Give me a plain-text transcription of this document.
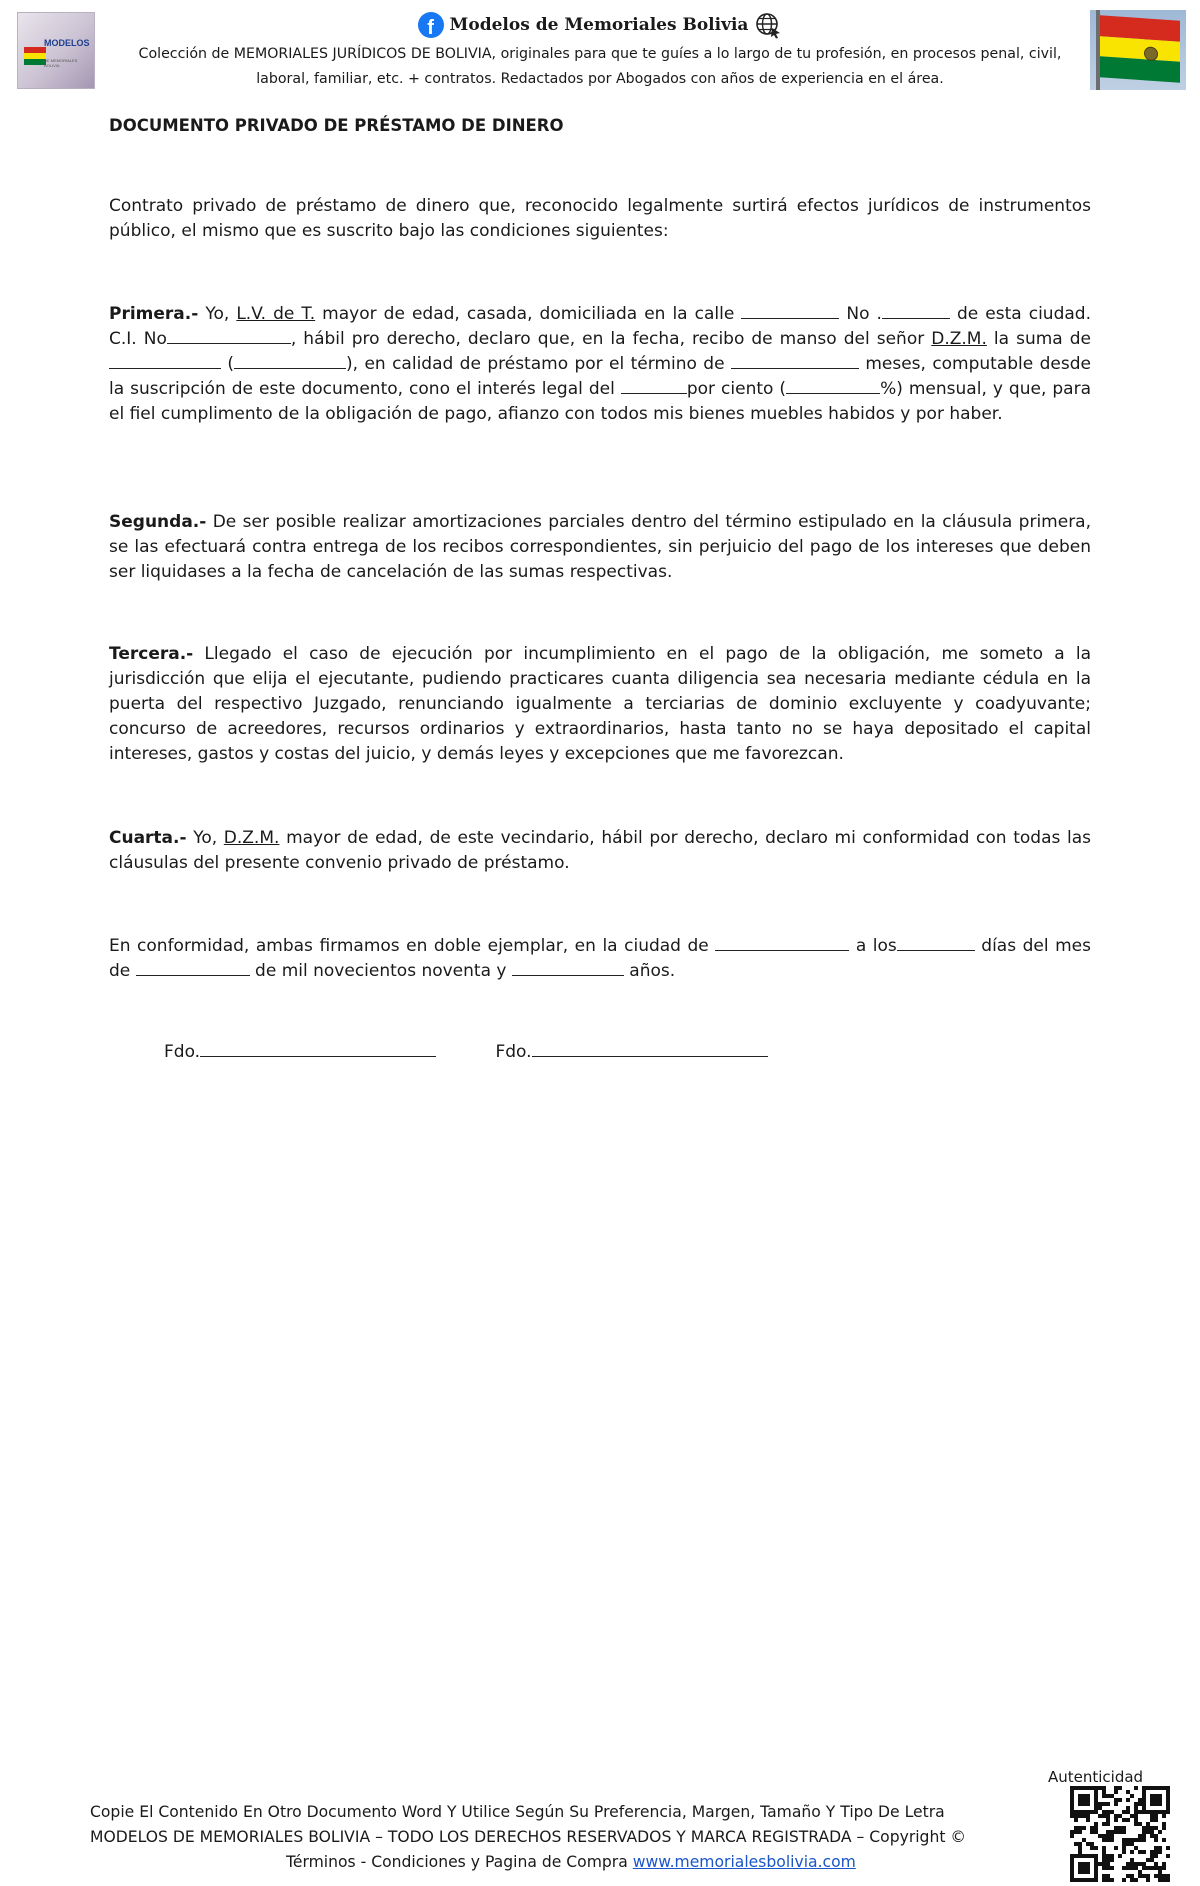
MODELOS
DE MEMORIALES BOLIVIA
f Modelos de Memoriales Bolivia
Colección de MEMORIALES JURÍDICOS DE BOLIVIA, originales para que te guíes a lo largo de tu profesión, en procesos penal, civil, laboral, familiar, etc. + contratos. Redactados por Abogados con años de experiencia en el área.

DOCUMENTO PRIVADO DE PRÉSTAMO DE DINERO

Contrato privado de préstamo de dinero que, reconocido legalmente surtirá efectos jurídicos de instrumentos público, el mismo que es suscrito bajo las condiciones siguientes:

Primera.- Yo, L.V. de T. mayor de edad, casada, domiciliada en la calle	No .	de esta ciudad. C.I. No	, hábil pro derecho, declaro que, en la fecha, recibo de manso del señor D.Z.M. la suma de  (	), en calidad de préstamo por el término de	meses, computable desde la suscripción de este documento, cono el interés legal del	por ciento (	%) mensual, y que, para el fiel cumplimento de la obligación de pago, afianzo con todos mis bienes muebles habidos y por haber.

Segunda.- De ser posible realizar amortizaciones parciales dentro del término estipulado en la cláusula primera, se las efectuará contra entrega de los recibos correspondientes, sin perjuicio del pago de los intereses que deben ser liquidases a la fecha de cancelación de las sumas respectivas.

Tercera.- Llegado el caso de ejecución por incumplimiento en el pago de la obligación, me someto a la jurisdicción que elija el ejecutante, pudiendo practicares cuanta diligencia sea necesaria mediante cédula en la puerta del respectivo Juzgado, renunciando igualmente a terciarias de dominio excluyente y coadyuvante; concurso de acreedores, recursos ordinarios y extraordinarios, hasta tanto no se haya depositado el capital intereses, gastos y costas del juicio, y demás leyes y excepciones que me favorezcan.

Cuarta.- Yo, D.Z.M. mayor de edad, de este vecindario, hábil por derecho, declaro mi conformidad con todas las cláusulas del presente convenio privado de préstamo.

En conformidad, ambas firmamos en doble ejemplar, en la ciudad de	a los	días del mes de	de mil novecientos noventa y	años.

Fdo.	Fdo.
Copie El Contenido En Otro Documento Word Y Utilice Según Su Preferencia, Margen, Tamaño Y Tipo De Letra
MODELOS DE MEMORIALES BOLIVIA – TODO LOS DERECHOS RESERVADOS Y MARCA REGISTRADA – Copyright ©
Términos - Condiciones y Pagina de Compra www.memorialesbolivia.com
Autenticidad
